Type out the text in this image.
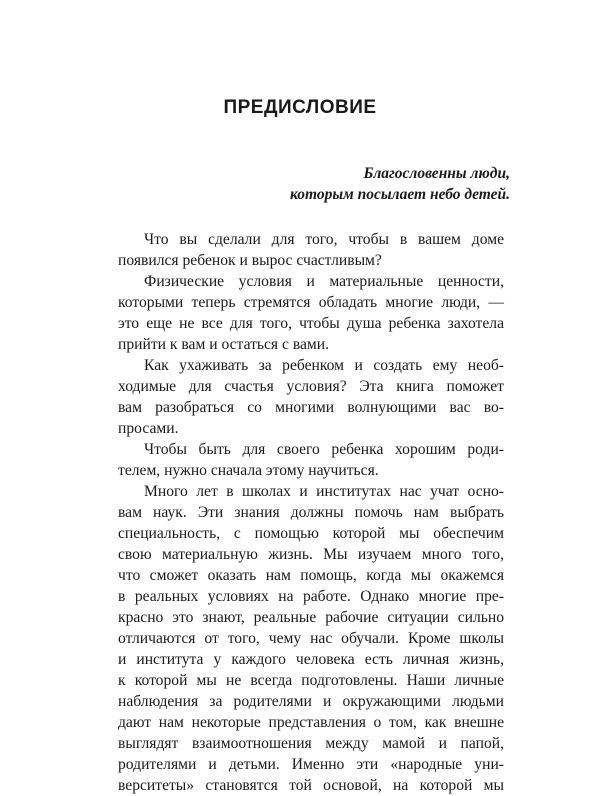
ПРЕДИСЛОВИЕ
Благословенны люди,
которым посылает небо детей.
Что вы сделали для того, чтобы в вашем доме
появился ребенок и вырос счастливым?
Физические условия и материальные ценности,
которыми теперь стремятся обладать многие люди, —
это еще не все для того, чтобы душа ребенка захотела
прийти к вам и остаться с вами.
Как ухаживать за ребенком и создать ему необ-
ходимые для счастья условия? Эта книга поможет
вам разобраться со многими волнующими вас во-
просами.
Чтобы быть для своего ребенка хорошим роди-
телем, нужно сначала этому научиться.
Много лет в школах и институтах нас учат осно-
вам наук. Эти знания должны помочь нам выбрать
специальность, с помощью которой мы обеспечим
свою материальную жизнь. Мы изучаем много того,
что сможет оказать нам помощь, когда мы окажемся
в реальных условиях на работе. Однако многие пре-
красно это знают, реальные рабочие ситуации сильно
отличаются от того, чему нас обучали. Кроме школы
и института у каждого человека есть личная жизнь,
к которой мы не всегда подготовлены. Наши личные
наблюдения за родителями и окружающими людьми
дают нам некоторые представления о том, как внешне
выглядят взаимоотношения между мамой и папой,
родителями и детьми. Именно эти «народные уни-
верситеты» становятся той основой, на которой мы
